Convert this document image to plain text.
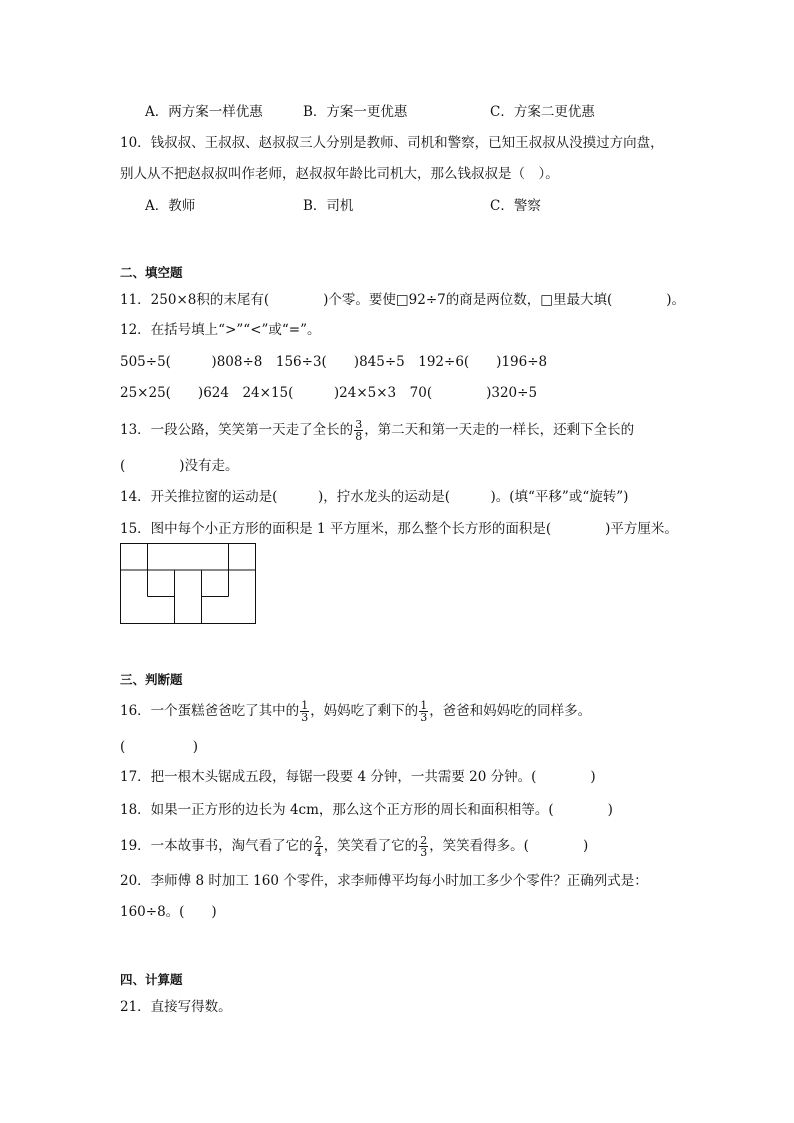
A．两方案一样优惠	B．方案一更优惠	C．方案二更优惠
10．钱叔叔、王叔叔、赵叔叔三人分别是教师、司机和警察，已知王叔叔从没摸过方向盘，
别人从不把赵叔叔叫作老师，赵叔叔年龄比司机大，那么钱叔叔是（　）。
A．教师	B．司机	C．警察
二、填空题
11．250×8积的末尾有(　　　　)个零。要使□92÷7的商是两位数，□里最大填(　　　　)。
12．在括号填上“>”“<”或“=”。
505÷5(　　　)808÷8　156÷3(　　)845÷5　192÷6(　　)196÷8
25×25(　　)624　24×15(　　　)24×5×3　70(　　　　)320÷5
13．一段公路，笑笑第一天走了全长的 $\frac{3}{8}$ ，第二天和第一天走的一样长，还剩下全长的
(　　　　)没有走。
14．开关推拉窗的运动是(　　　)，拧水龙头的运动是(　　　)。(填“平移”或“旋转”)
15．图中每个小正方形的面积是 1 平方厘米，那么整个长方形的面积是(　　　　)平方厘米。
三、判断题
16．一个蛋糕爸爸吃了其中的 $\frac{1}{3}$ ，妈妈吃了剩下的 $\frac{1}{3}$ ，爸爸和妈妈吃的同样多。
(　　　　　)
17．把一根木头锯成五段，每锯一段要 4 分钟，一共需要 20 分钟。(　　　　)
18．如果一正方形的边长为 4cm，那么这个正方形的周长和面积相等。(　　　　)
19．一本故事书，淘气看了它的 $\frac{2}{4}$ ，笑笑看了它的 $\frac{2}{3}$ ，笑笑看得多。(　　　　)
20．李师傅 8 时加工 160 个零件，求李师傅平均每小时加工多少个零件？正确列式是：
160÷8。(　　)
四、计算题
21．直接写得数。
